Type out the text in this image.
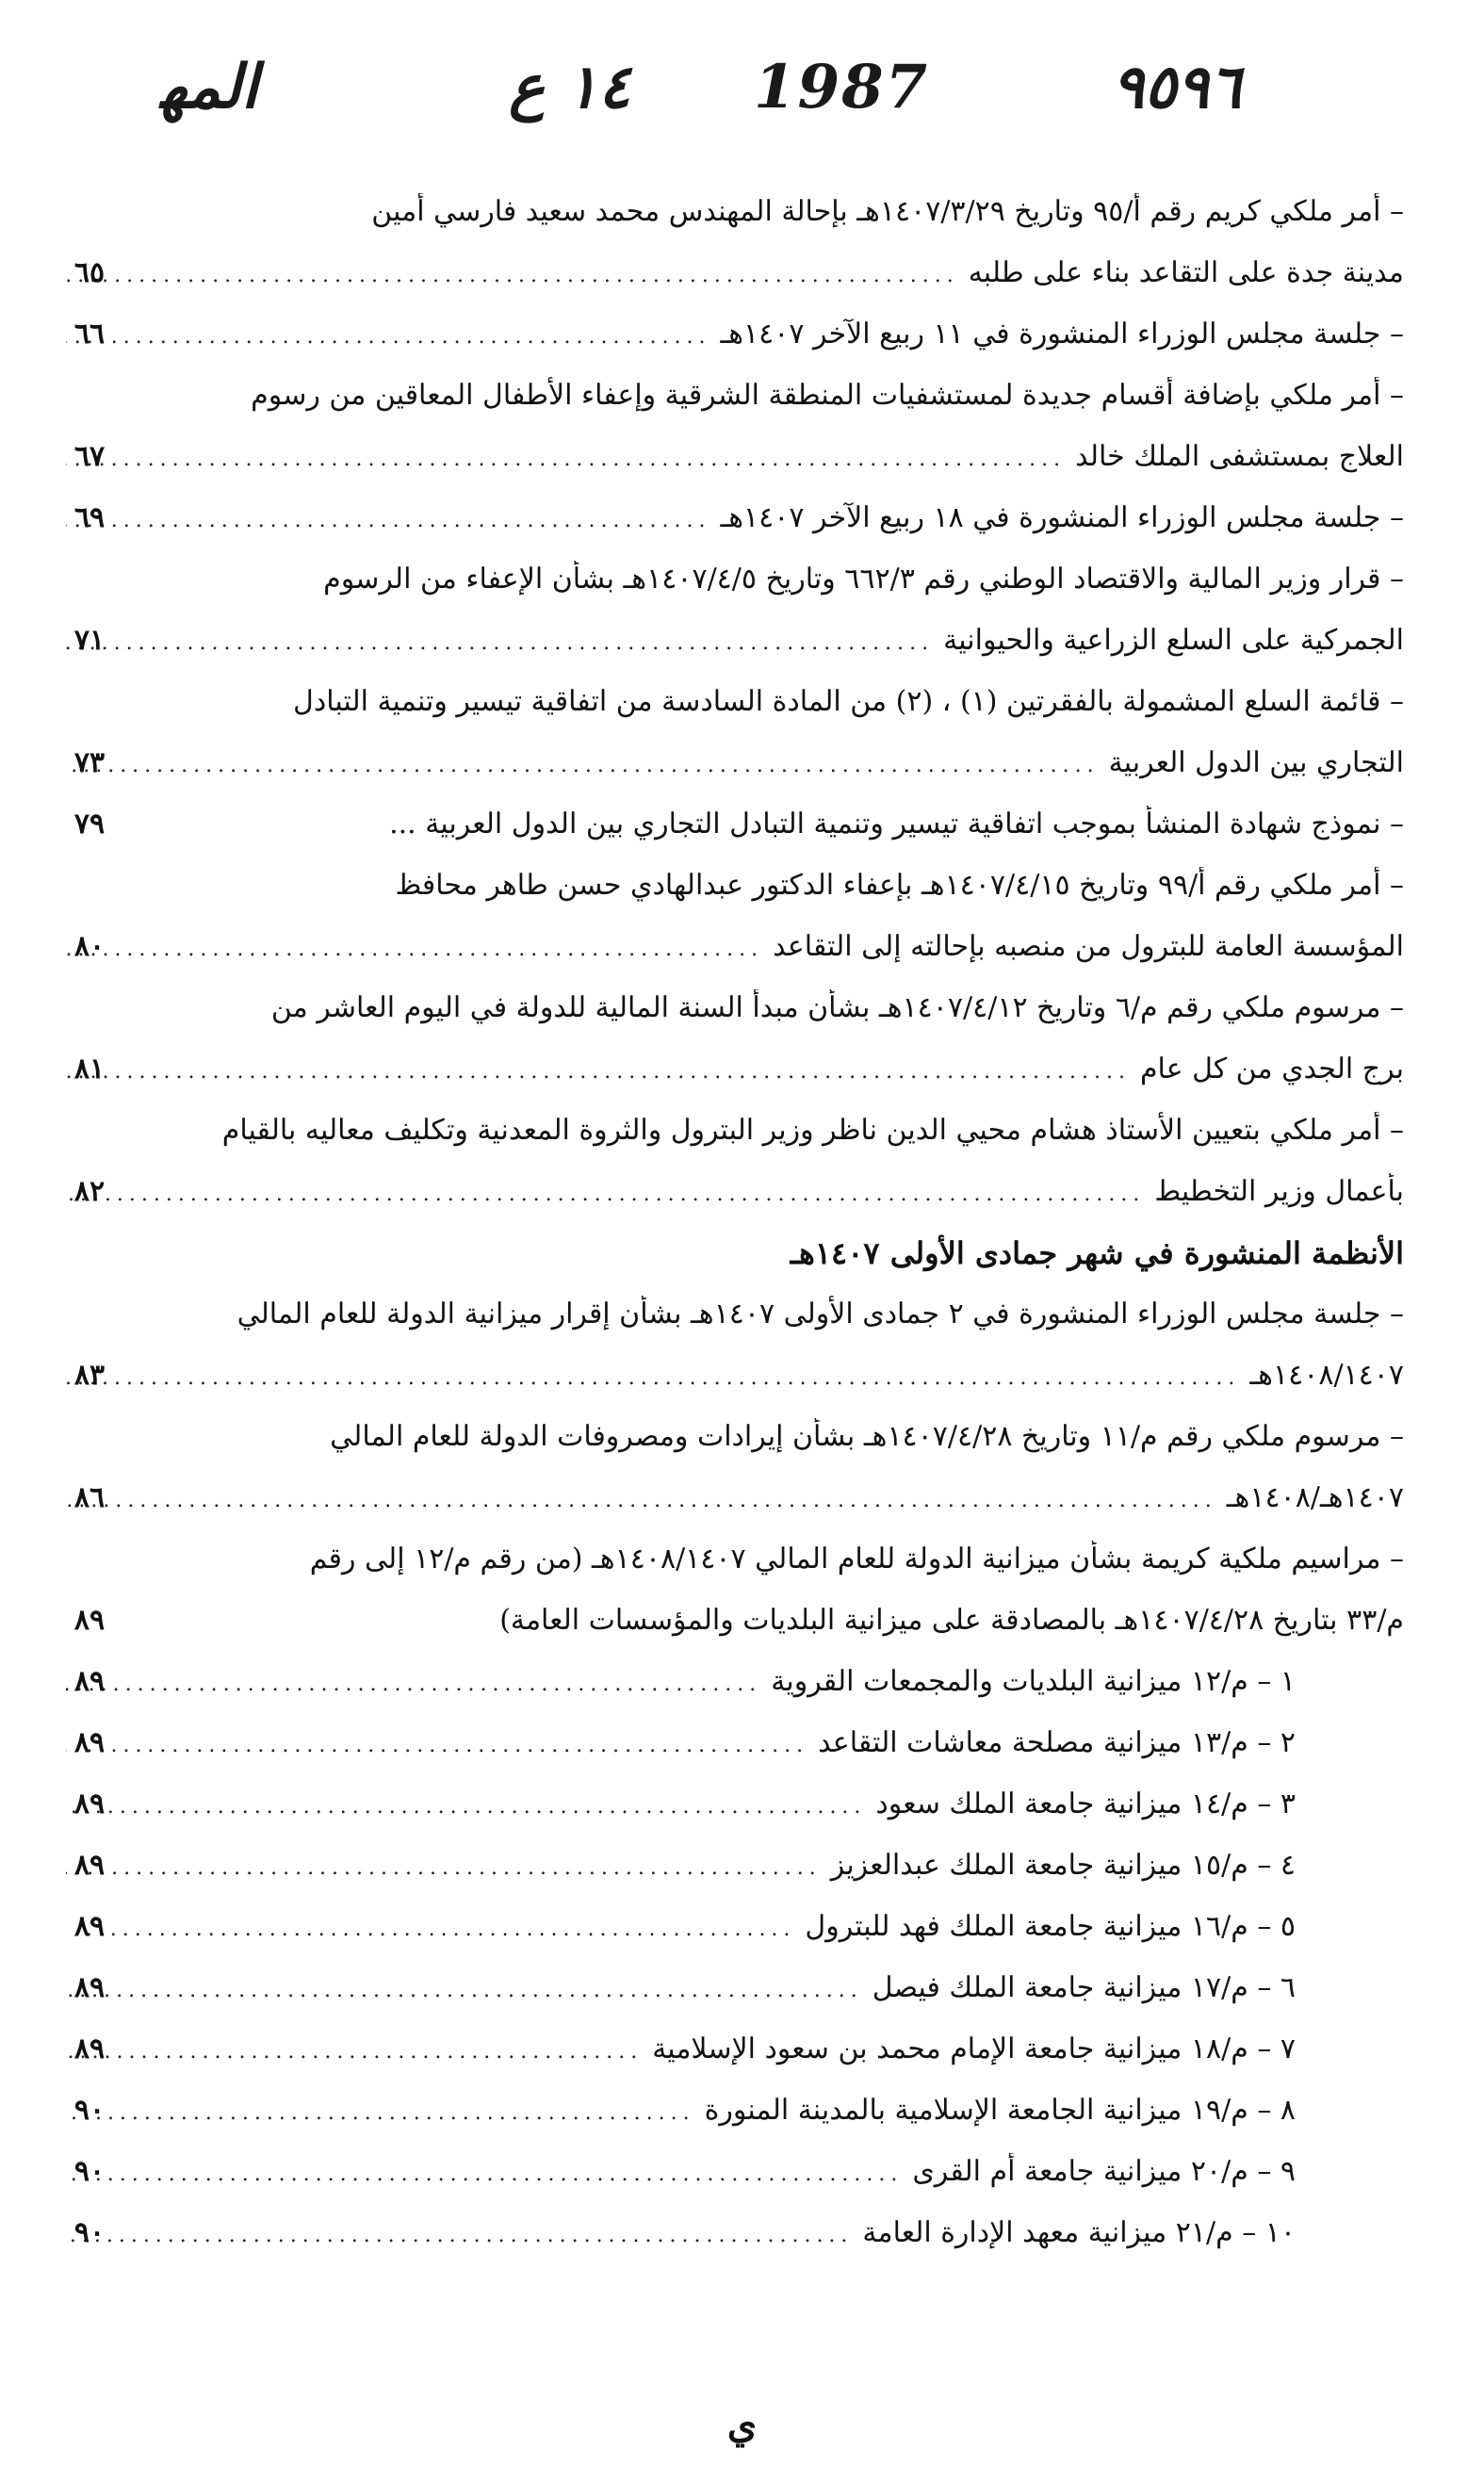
ﺍﻟﻤﻬ	١٤ ع 1987	٩٥٩٦
– أمر ملكي كريم رقم أ/٩٥ وتاريخ ١٤٠٧/٣/٢٩هـ بإحالة المهندس محمد سعيد فارسي أمين
مدينة جدة على التقاعد بناء على طلبه
.....
٦٥
– جلسة مجلس الوزراء المنشورة في ١١ ربيع الآخر ١٤٠٧هـ
.....
٦٦
– أمر ملكي بإضافة أقسام جديدة لمستشفيات المنطقة الشرقية وإعفاء الأطفال المعاقين من رسوم
العلاج بمستشفى الملك خالد
.....
٦٧
– جلسة مجلس الوزراء المنشورة في ١٨ ربيع الآخر ١٤٠٧هـ
.....
٦٩
– قرار وزير المالية والاقتصاد الوطني رقم ٦٦٢/٣ وتاريخ ١٤٠٧/٤/٥هـ بشأن الإعفاء من الرسوم
الجمركية على السلع الزراعية والحيوانية
.....
٧١
– قائمة السلع المشمولة بالفقرتين (١) ، (٢) من المادة السادسة من اتفاقية تيسير وتنمية التبادل
التجاري بين الدول العربية
.....
٧٣
– نموذج شهادة المنشأ بموجب اتفاقية تيسير وتنمية التبادل التجاري بين الدول العربية ...
٧٩
– أمر ملكي رقم أ/٩٩ وتاريخ ١٤٠٧/٤/١٥هـ بإعفاء الدكتور عبدالهادي حسن طاهر محافظ
المؤسسة العامة للبترول من منصبه بإحالته إلى التقاعد
.....
٨٠
– مرسوم ملكي رقم م/٦ وتاريخ ١٤٠٧/٤/١٢هـ بشأن مبدأ السنة المالية للدولة في اليوم العاشر من
برج الجدي من كل عام
.....
٨١
– أمر ملكي بتعيين الأستاذ هشام محيي الدين ناظر وزير البترول والثروة المعدنية وتكليف معاليه بالقيام
بأعمال وزير التخطيط
.....
٨٢
الأنظمة المنشورة في شهر جمادى الأولى ١٤٠٧هـ
– جلسة مجلس الوزراء المنشورة في ٢ جمادى الأولى ١٤٠٧هـ بشأن إقرار ميزانية الدولة للعام المالي
١٤٠٨/١٤٠٧هـ
.....
٨٣
– مرسوم ملكي رقم م/١١ وتاريخ ١٤٠٧/٤/٢٨هـ بشأن إيرادات ومصروفات الدولة للعام المالي
١٤٠٧هـ/١٤٠٨هـ
.....
٨٦
– مراسيم ملكية كريمة بشأن ميزانية الدولة للعام المالي ١٤٠٨/١٤٠٧هـ (من رقم م/١٢ إلى رقم
م/٣٣ بتاريخ ١٤٠٧/٤/٢٨هـ بالمصادقة على ميزانية البلديات والمؤسسات العامة)
٨٩
١ – م/١٢ ميزانية البلديات والمجمعات القروية
.....
٨٩
٢ – م/١٣ ميزانية مصلحة معاشات التقاعد
.....
٨٩
٣ – م/١٤ ميزانية جامعة الملك سعود
.....
٨٩
٤ – م/١٥ ميزانية جامعة الملك عبدالعزيز
.....
٨٩
٥ – م/١٦ ميزانية جامعة الملك فهد للبترول
.....
٨٩
٦ – م/١٧ ميزانية جامعة الملك فيصل
.....
٨٩
٧ – م/١٨ ميزانية جامعة الإمام محمد بن سعود الإسلامية
.....
٨٩
٨ – م/١٩ ميزانية الجامعة الإسلامية بالمدينة المنورة
.....
٩٠
٩ – م/٢٠ ميزانية جامعة أم القرى
.....
٩٠
١٠ – م/٢١ ميزانية معهد الإدارة العامة
.....
٩٠
ي
